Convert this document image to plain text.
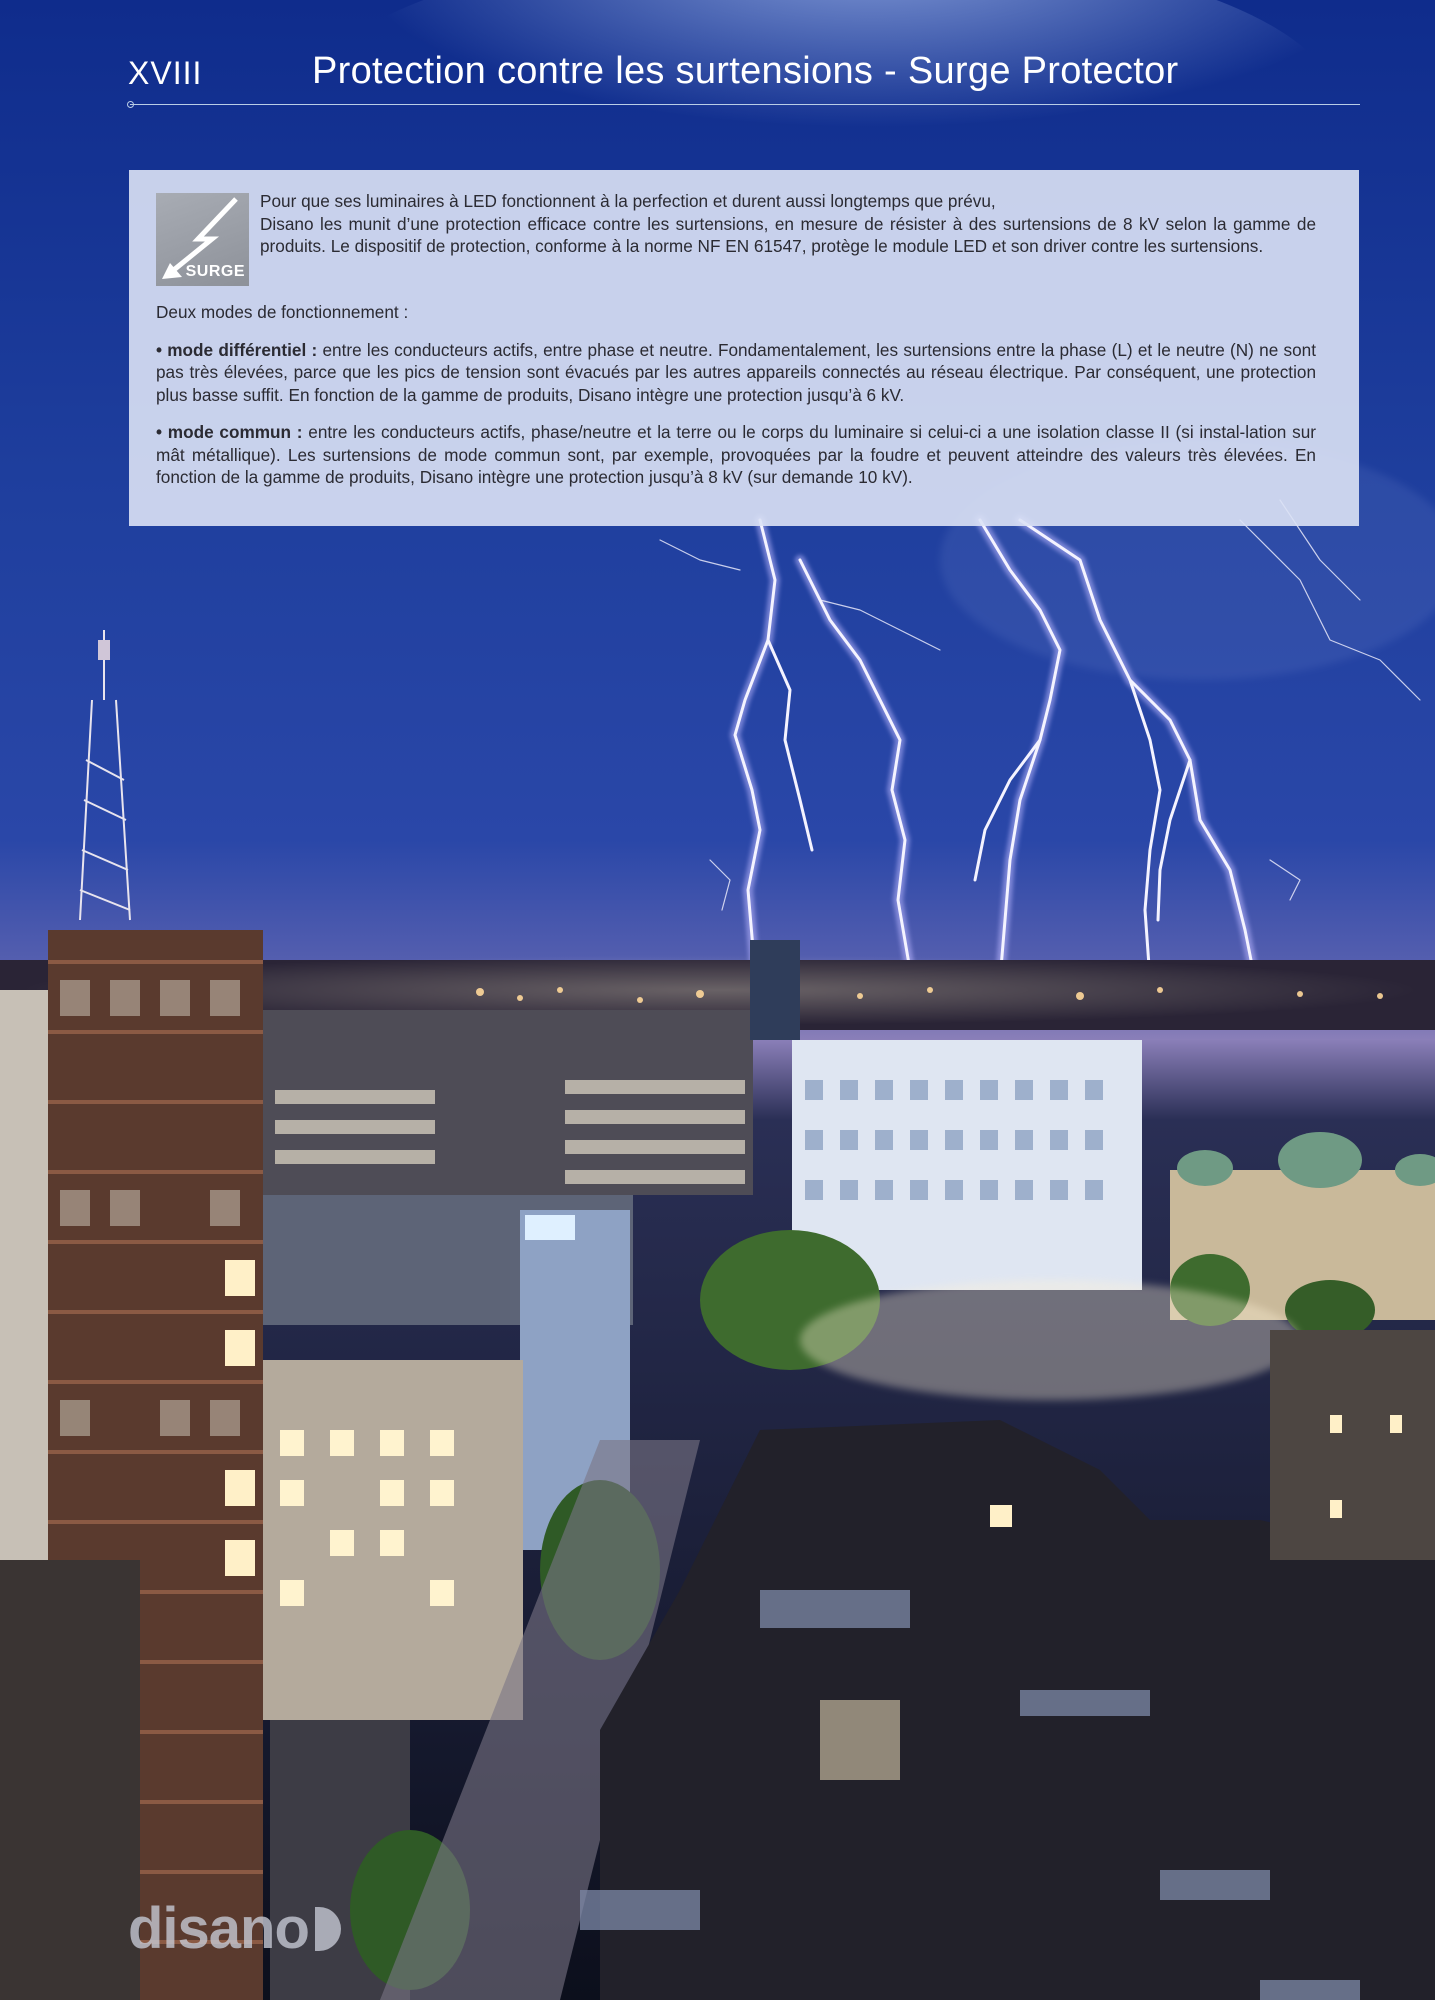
XVIII	Protection contre les surtensions - Surge Protector
SURGE

Pour que ses luminaires à LED fonctionnent à la perfection et durent aussi longtemps que prévu,

Disano les munit d’une protection efficace contre les surtensions, en mesure de résister à des surtensions de 8 kV selon la gamme de produits. Le dispositif de protection, conforme à la norme NF EN 61547, protège le module LED et son driver contre les surtensions.

Deux modes de fonctionnement :

• mode différentiel : entre les conducteurs actifs, entre phase et neutre. Fondamentalement, les surtensions entre la phase (L) et le neutre (N) ne sont pas très élevées, parce que les pics de tension sont évacués par les autres appareils connectés au réseau électrique. Par conséquent, une protection plus basse suffit. En fonction de la gamme de produits, Disano intègre une protection jusqu’à 6 kV.

• mode commun : entre les conducteurs actifs, phase/neutre et la terre ou le corps du luminaire si celui-ci a une isolation classe II (si instal-lation sur mât métallique). Les surtensions de mode commun sont, par exemple, provoquées par la foudre et peuvent atteindre des valeurs très élevées. En fonction de la gamme de produits, Disano intègre une protection jusqu’à 8 kV (sur demande 10 kV).

disano
